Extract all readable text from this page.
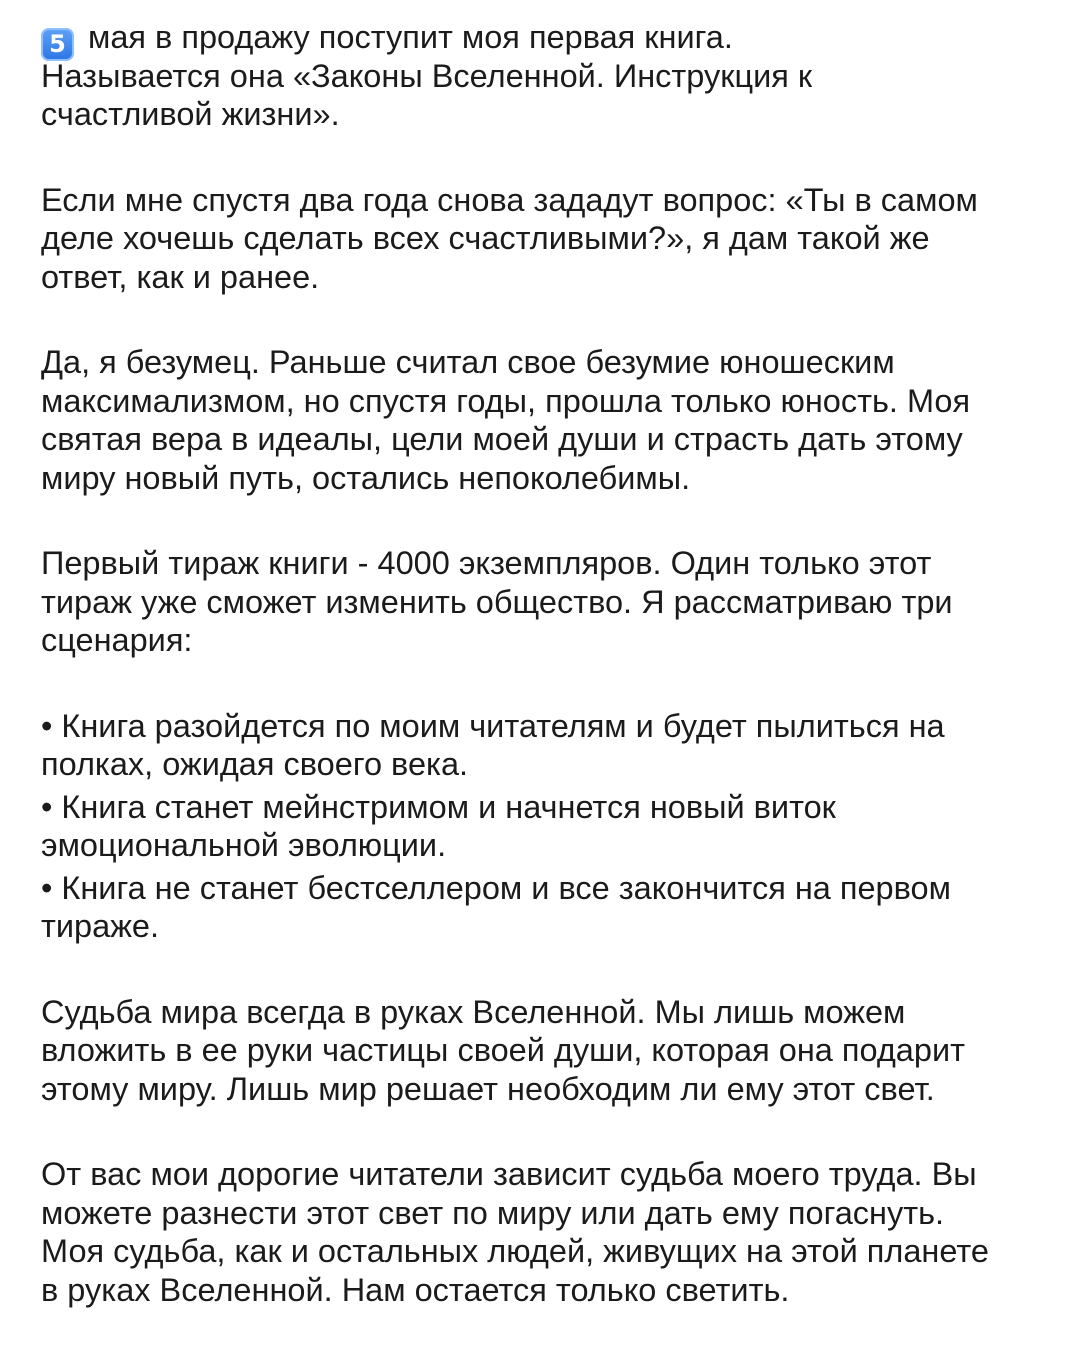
5 мая в продажу поступит моя первая книга.
Называется она «Законы Вселенной. Инструкция к
счастливой жизни».
Если мне спустя два года снова зададут вопрос: «Ты в самом
деле хочешь сделать всех счастливыми?», я дам такой же
ответ, как и ранее.
Да, я безумец. Раньше считал свое безумие юношеским
максимализмом, но спустя годы, прошла только юность. Моя
святая вера в идеалы, цели моей души и страсть дать этому
миру новый путь, остались непоколебимы.
Первый тираж книги - 4000 экземпляров. Один только этот
тираж уже сможет изменить общество. Я рассматриваю три
сценария:
• Книга разойдется по моим читателям и будет пылиться на
полках, ожидая своего века.
• Книга станет мейнстримом и начнется новый виток
эмоциональной эволюции.
• Книга не станет бестселлером и все закончится на первом
тираже.
Судьба мира всегда в руках Вселенной. Мы лишь можем
вложить в ее руки частицы своей души, которая она подарит
этому миру. Лишь мир решает необходим ли ему этот свет.
От вас мои дорогие читатели зависит судьба моего труда. Вы
можете разнести этот свет по миру или дать ему погаснуть.
Моя судьба, как и остальных людей, живущих на этой планете
в руках Вселенной. Нам остается только светить.
